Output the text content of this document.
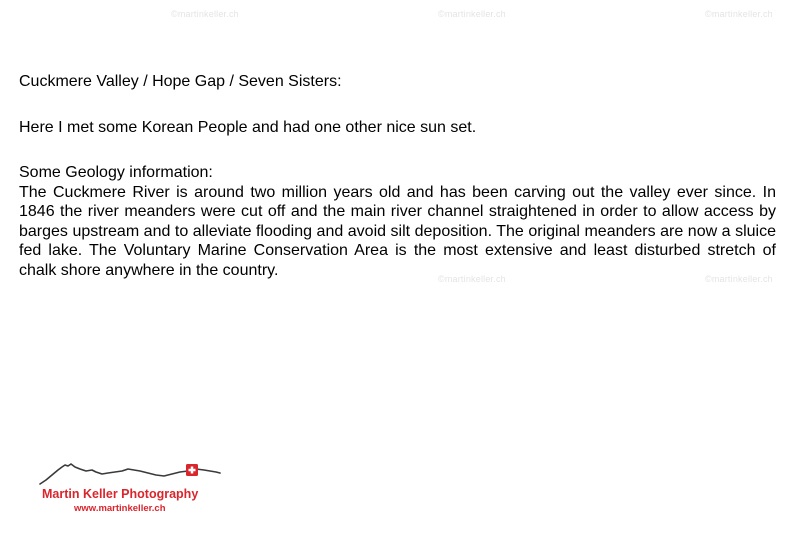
©martinkeller.ch	©martinkeller.ch	©martinkeller.ch
©martinkeller.ch	©martinkeller.ch

Cuckmere Valley / Hope Gap / Seven Sisters:

Here I met some Korean People and had one other nice sun set.

Some Geology information:

The Cuckmere River is around two million years old and has been carving out the valley ever since. In 1846 the river meanders were cut off and the main river channel straightened in order to allow access by barges upstream and to alleviate flooding and avoid silt deposition. The original meanders are now a sluice fed lake. The Voluntary Marine Conservation Area is the most extensive and least disturbed stretch of chalk shore anywhere in the country.

Martin Keller Photography
www.martinkeller.ch
